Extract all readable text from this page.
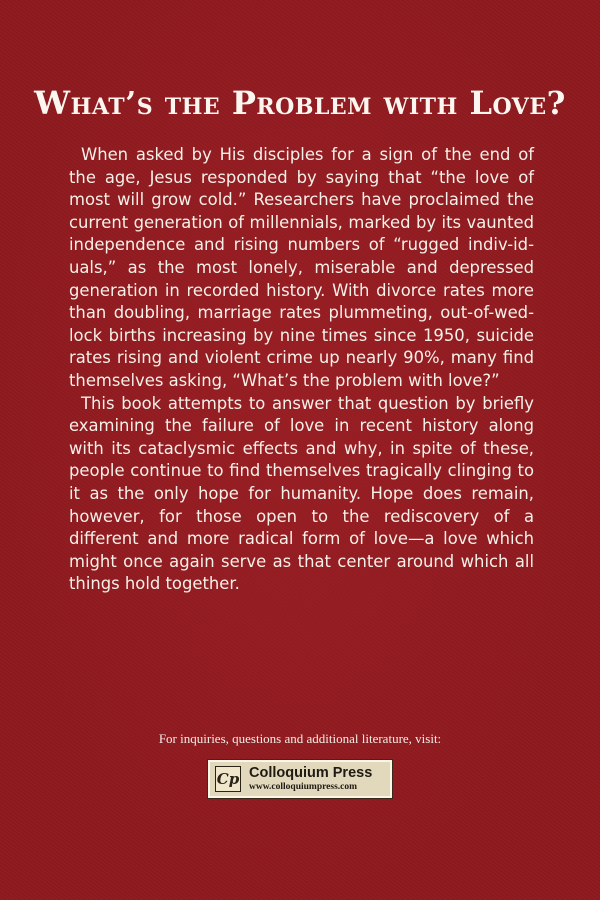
What’s the Problem with Love?

When asked by His disciples for a sign of the end of the age, Jesus responded by saying that “the love of most will grow cold.” Researchers have proclaimed the current generation of millennials, marked by its vaunted independence and rising numbers of “rugged indiv-id-uals,” as the most lonely, miserable and depressed generation in recorded history. With divorce rates more than doubling, marriage rates plummeting, out-of-wed-lock births increasing by nine times since 1950, suicide rates rising and violent crime up nearly 90%, many find themselves asking, “What’s the problem with love?”

This book attempts to answer that question by briefly examining the failure of love in recent history along with its cataclysmic effects and why, in spite of these, people continue to find themselves tragically clinging to it as the only hope for humanity. Hope does remain, however, for those open to the rediscovery of a different and more radical form of love—a love which might once again serve as that center around which all things hold together.

For inquiries, questions and additional literature, visit:
Cp Colloquium Press
www.colloquiumpress.com
